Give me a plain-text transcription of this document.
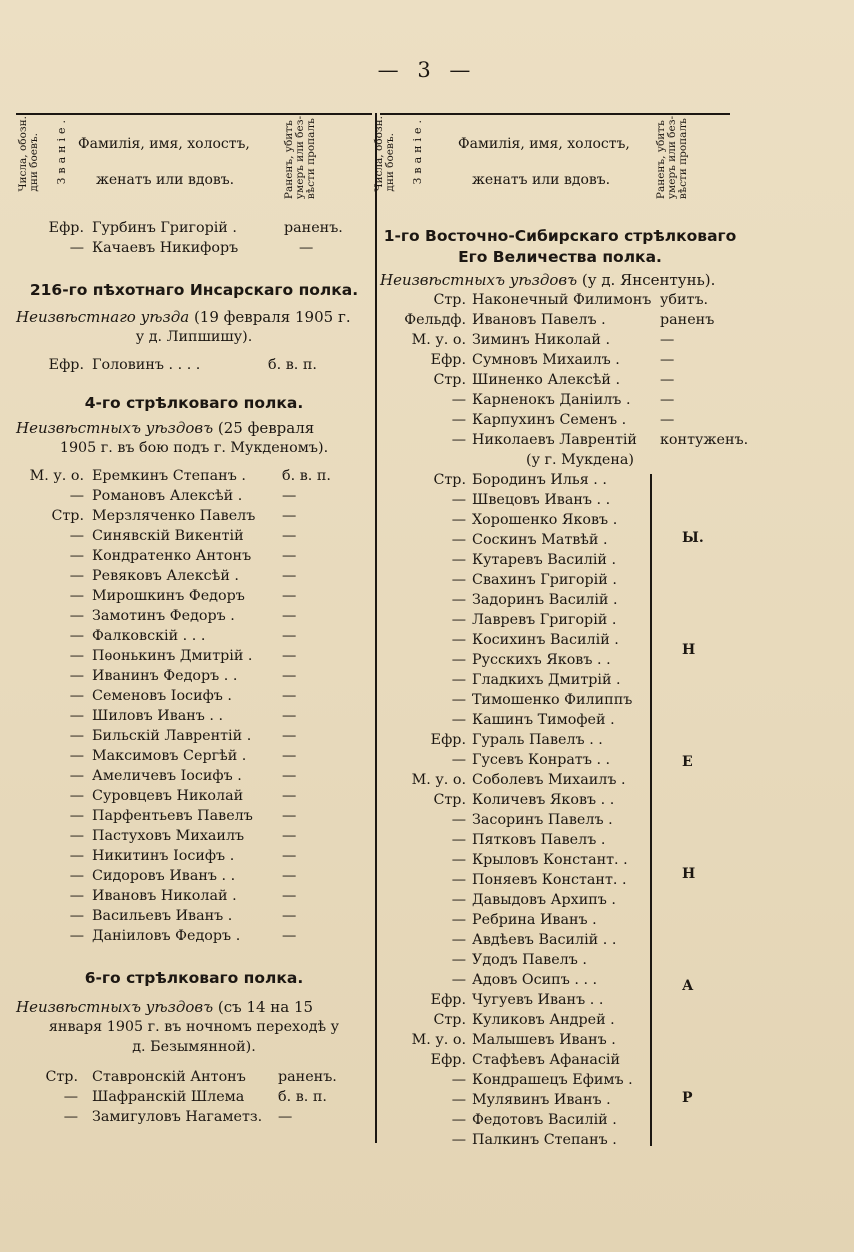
— 3 —
Числа, обозн.
дни боевъ. Званіе. Фамилія, имя, холостъ,
женатъ или вдовъ.	Раненъ, убитъ
умеръ или без-
вѣсти пропалъ
Ефр. Гурбинъ Григорій .	раненъ.
— Качаевъ Никифоръ	—
216-го пѣхотнаго Инсарскаго полка.
Неизвѣстнаго уѣзда (19 февраля 1905 г.
у д. Липшишу).
Ефр. Головинъ . . . .	б. в. п.
4-го стрѣлковаго полка.
Неизвѣстныхъ уѣздовъ (25 февраля
1905 г. въ бою подъ г. Мукденомъ).
М. у. о. Еремкинъ Степанъ .	б. в. п.
— Романовъ Алексѣй .	—
Стр. Мерзляченко Павелъ —
— Синявскій Викентій	—
— Кондратенко Антонъ —
— Ревяковъ Алексѣй .	—
— Мирошкинъ Федоръ	—
— Замотинъ Федоръ .	—
— Фалковскій . . .	—
— Пѳонькинъ Дмитрій . —
— Иванинъ Федоръ . .	—
— Семеновъ Іосифъ .	—
— Шиловъ Иванъ . .	—
— Бильскій Лаврентій . —
— Максимовъ Сергѣй . —
— Амеличевъ Іосифъ .	—
— Суровцевъ Николай	—
— Парфентьевъ Павелъ —
— Пастуховъ Михаилъ	—
— Никитинъ Іосифъ .	—
— Сидоровъ Иванъ . .	—
— Ивановъ Николай .	—
— Васильевъ Иванъ .	—
— Даніиловъ Федоръ .	—
6-го стрѣлковаго полка.
Неизвѣстныхъ уѣздовъ (съ 14 на 15
января 1905 г. въ ночномъ переходѣ у
д. Безымянной).
Стр. Ставронскій Антонъ раненъ.
— Шафранскій Шлема б. в. п.
— Замигуловъ Нагаметз. —
Числа, обозн.
дни боевъ. Званіе. Фамилія, имя, холостъ,
женатъ или вдовъ.	Раненъ, убитъ
умеръ или без-
вѣсти пропалъ
1-го Восточно-Сибирскаго стрѣлковаго
Его Величества полка.
Неизвѣстныхъ уѣздовъ (у д. Янсентунь).
Стр. Наконечный Филимонъ убитъ.
Фельдф. Ивановъ Павелъ .	раненъ
М. у. о. Зиминъ Николай .	—
Ефр. Сумновъ Михаилъ .	—
Стр. Шиненко Алексѣй .	—
— Карненокъ Даніилъ . —
— Карпухинъ Семенъ . —
— Николаевъ Лаврентій контуженъ.
(у г. Мукдена)
Стр. Бородинъ Илья . .
— Швецовъ Иванъ . .
— Хорошенко Яковъ .
— Соскинъ Матвѣй .
— Кутаревъ Василій .
— Свахинъ Григорій .
— Задоринъ Василій .
— Лавревъ Григорій .
— Косихинъ Василій .
— Русскихъ Яковъ . .
— Гладкихъ Дмитрій .
— Тимошенко Филиппъ
— Кашинъ Тимофей .
Ефр. Гураль Павелъ . .
— Гусевъ Конратъ . .
М. у. о. Соболевъ Михаилъ .
Стр. Количевъ Яковъ . .
— Засоринъ Павелъ .
— Пятковъ Павелъ .
— Крыловъ Констант. .
— Поняевъ Констант. .
— Давыдовъ Архипъ .
— Ребрина Иванъ .
— Авдѣевъ Василій . .
— Удодъ Павелъ .
— Адовъ Осипъ . . .
Ефр. Чугуевъ Иванъ . .
Стр. Куликовъ Андрей .
М. у. о. Малышевъ Иванъ .
Ефр. Стафѣевъ Афанасій
— Кондрашецъ Ефимъ .
— Мулявинъ Иванъ .
— Федотовъ Василій .
— Палкинъ Степанъ .
Ы.
Н
Е
Н
А
Р
